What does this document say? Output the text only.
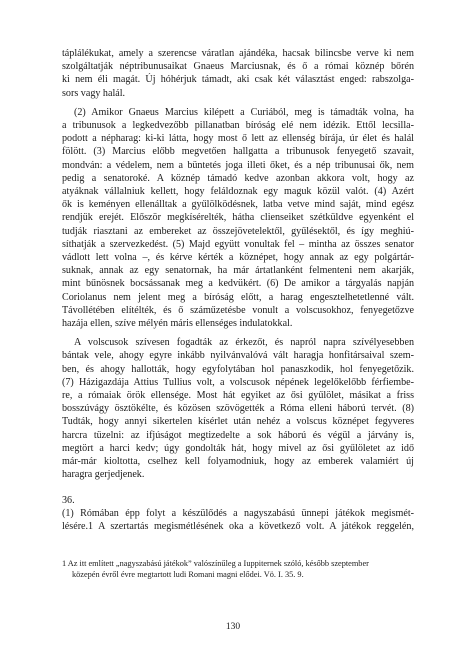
táplálékukat, amely a szerencse váratlan ajándéka, hacsak bilincsbe verve ki nem
szolgáltatják néptribunusaikat Gnaeus Marciusnak, és ő a római köznép bőrén
ki nem éli magát. Új hóhérjuk támadt, aki csak két választást enged: rabszolga-
sors vagy halál.
(2) Amikor Gnaeus Marcius kilépett a Curiából, meg is támadták volna, ha
a tribunusok a legkedvezőbb pillanatban bíróság elé nem idézik. Ettől lecsilla-
podott a népharag: ki-ki látta, hogy most ő lett az ellenség bírája, úr élet és halál
fölött. (3) Marcius előbb megvetően hallgatta a tribunusok fenyegető szavait,
mondván: a védelem, nem a büntetés joga illeti őket, és a nép tribunusai ők, nem
pedig a senatoroké. A köznép támadó kedve azonban akkora volt, hogy az
atyáknak vállalniuk kellett, hogy feláldoznak egy maguk közül valót. (4) Azért
ők is keményen ellenálltak a gyűlölködésnek, latba vetve mind saját, mind egész
rendjük erejét. Először megkísérelték, hátha clienseiket szétküldve egyenként el
tudják riasztani az embereket az összejövetelektől, gyűlésektől, és így meghiú-
síthatják a szervezkedést. (5) Majd együtt vonultak fel – mintha az összes senator
vádlott lett volna –, és kérve kérték a köznépet, hogy annak az egy polgártár-
suknak, annak az egy senatornak, ha már ártatlanként felmenteni nem akarják,
mint bűnösnek bocsássanak meg a kedvükért. (6) De amikor a tárgyalás napján
Coriolanus nem jelent meg a bíróság előtt, a harag engesztelhetetlenné vált.
Távollétében elítélték, és ő száműzetésbe vonult a volscusokhoz, fenyegetőzve
hazája ellen, szíve mélyén máris ellenséges indulatokkal.
A volscusok szívesen fogadták az érkezőt, és napról napra szívélyesebben
bántak vele, ahogy egyre inkább nyilvánvalóvá vált haragja honfitársaival szem-
ben, és ahogy hallották, hogy egyfolytában hol panaszkodik, hol fenyegetőzik.
(7) Házigazdája Attius Tullius volt, a volscusok népének legelőkelőbb férfiembe-
re, a rómaiak örök ellensége. Most hát egyiket az ősi gyűlölet, másikat a friss
bosszúvágy ösztökélte, és közösen szövögették a Róma elleni háború tervét. (8)
Tudták, hogy annyi sikertelen kísérlet után nehéz a volscus köznépet fegyveres
harcra tüzelni: az ifjúságot megtizedelte a sok háború és végül a járvány is,
megtört a harci kedv; úgy gondolták hát, hogy mivel az ősi gyűlöletet az idő
már-már kioltotta, cselhez kell folyamodniuk, hogy az emberek valamiért új
haragra gerjedjenek.
36.
(1) Rómában épp folyt a készülődés a nagyszabású ünnepi játékok megismét-
lésére.1 A szertartás megismétlésének oka a következő volt. A játékok reggelén,
1 Az itt említett „nagyszabású játékok” valószínűleg a Iuppiternek szóló, később szeptember
közepén évről évre megtartott ludi Romani magni elődei. Vö. I. 35. 9.
130
